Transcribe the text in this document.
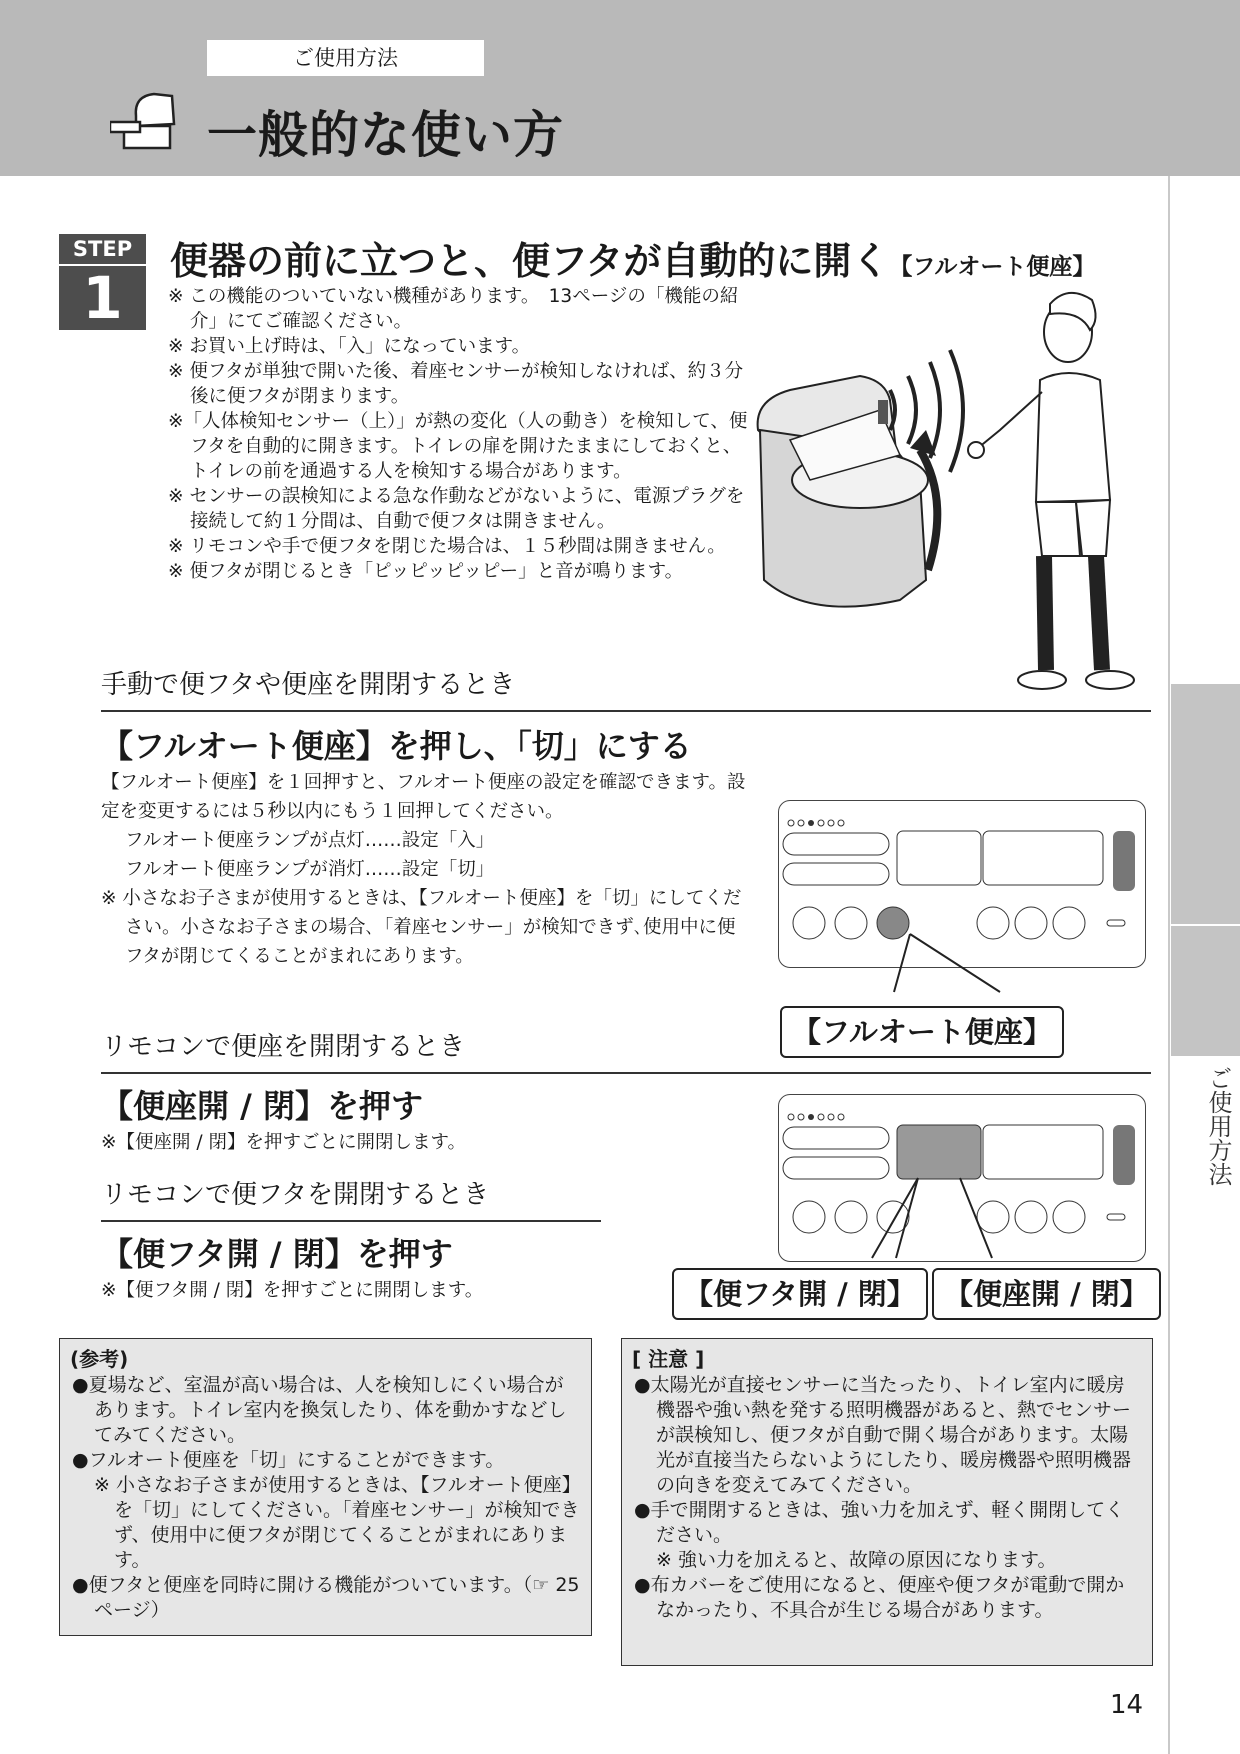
ご使用方法
一般的な使い方
ご使用方法
STEP
1
便器の前に立つと、便フタが自動的に開く【フルオート便座】

※ この機能のついていない機種があります。　13ページの「機能の紹介」にてご確認ください。

※ お買い上げ時は、「入」になっています。

※ 便フタが単独で開いた後、着座センサーが検知しなければ、約３分後に便フタが閉まります。

※「人体検知センサー（上）」が熱の変化（人の動き）を検知して、便フタを自動的に開きます。トイレの扉を開けたままにしておくと、トイレの前を通過する人を検知する場合があります。

※ センサーの誤検知による急な作動などがないように、電源プラグを接続して約１分間は、自動で便フタは開きません。

※ リモコンや手で便フタを閉じた場合は、１５秒間は開きません。

※ 便フタが閉じるとき「ピッピッピッピー」と音が鳴ります。

手動で便フタや便座を開閉するとき
【フルオート便座】を押し、「切」にする
【フルオート便座】を１回押すと、フルオート便座の設定を確認できます。設定を変更するには５秒以内にもう１回押してください。
フルオート便座ランプが点灯……設定「入」
フルオート便座ランプが消灯……設定「切」
※ 小さなお子さまが使用するときは、【フルオート便座】を「切」にしてください。小さなお子さまの場合､「着座センサー」が検知できず､使用中に便フタが閉じてくることがまれにあります。
【フルオート便座】
リモコンで便座を開閉するとき
【便座開 / 閉】を押す
※【便座開 / 閉】を押すごとに開閉します。
リモコンで便フタを開閉するとき
【便フタ開 / 閉】を押す
※【便フタ開 / 閉】を押すごとに開閉します。	【便フタ開 / 閉】 【便座開 / 閉】
(参考)

●夏場など、室温が高い場合は、人を検知しにくい場合があります。トイレ室内を換気したり、体を動かすなどしてみてください。

●フルオート便座を「切」にすることができます。

※ 小さなお子さまが使用するときは、【フルオート便座】を「切」にしてください。「着座センサー」が検知できず、使用中に便フタが閉じてくることがまれにあります。

●便フタと便座を同時に開ける機能がついています。（☞ 25 ページ）

[ 注意 ]

●太陽光が直接センサーに当たったり、トイレ室内に暖房機器や強い熱を発する照明機器があると、熱でセンサーが誤検知し、便フタが自動で開く場合があります。太陽光が直接当たらないようにしたり、暖房機器や照明機器の向きを変えてみてください。

●手で開閉するときは、強い力を加えず、軽く開閉してください。

※ 強い力を加えると、故障の原因になります。

●布カバーをご使用になると、便座や便フタが電動で開かなかったり、不具合が生じる場合があります。

14
